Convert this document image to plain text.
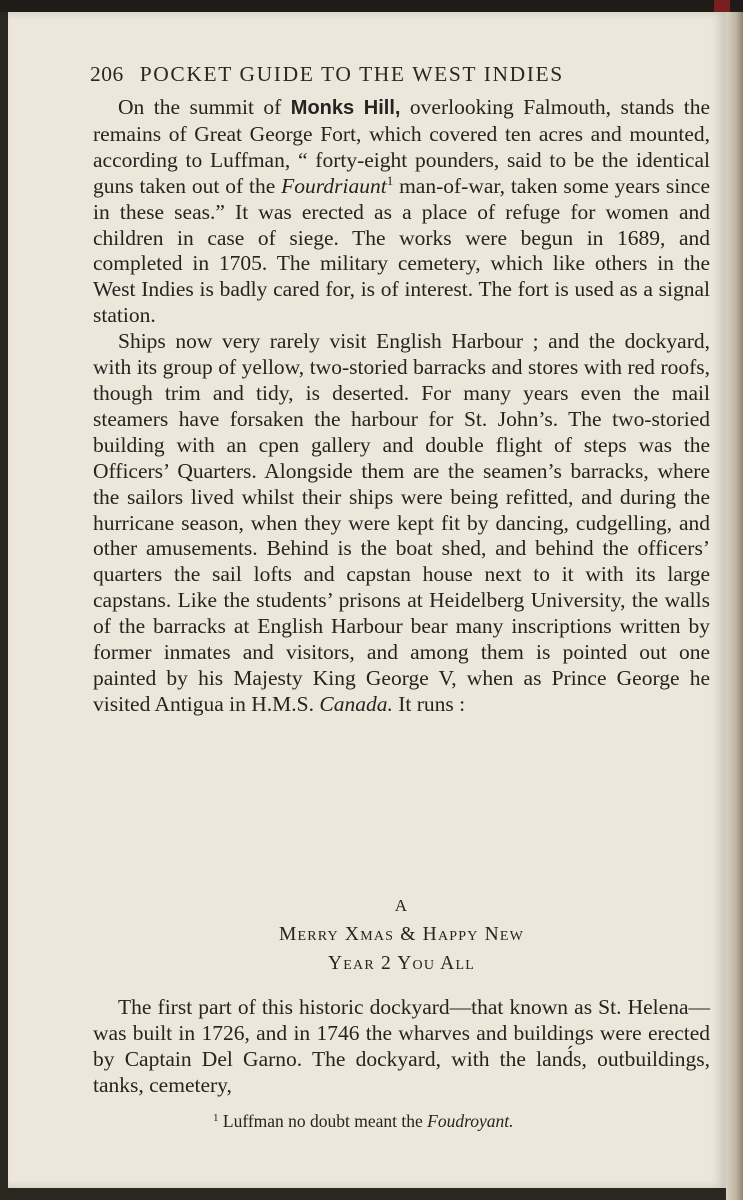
206 POCKET GUIDE TO THE WEST INDIES

On the summit of Monks Hill, overlooking Falmouth, stands the remains of Great George Fort, which covered ten acres and mounted, according to Luffman, “ forty-eight pounders, said to be the identical guns taken out of the Fourdriaunt$^1$ man-of-war, taken some years since in these seas.” It was erected as a place of refuge for women and children in case of siege. The works were begun in 1689, and completed in 1705. The military cemetery, which like others in the West Indies is badly cared for, is of interest. The fort is used as a signal station.

Ships now very rarely visit English Harbour ; and the dockyard, with its group of yellow, two-storied barracks and stores with red roofs, though trim and tidy, is deserted. For many years even the mail steamers have forsaken the harbour for St. John’s. The two-storied building with an cpen gallery and double flight of steps was the Officers’ Quarters. Alongside them are the seamen’s barracks, where the sailors lived whilst their ships were being refitted, and during the hurricane season, when they were kept fit by dancing, cudgelling, and other amusements. Behind is the boat shed, and behind the officers’ quarters the sail lofts and capstan house next to it with its large capstans. Like the students’ prisons at Heidelberg University, the walls of the barracks at English Harbour bear many inscriptions written by former inmates and visitors, and among them is pointed out one painted by his Majesty King George V, when as Prince George he visited Antigua in H.M.S. Canada. It runs :

A
Merry Xmas & Happy New
Year 2 You All

The first part of this historic dockyard—that known as St. Helena—was built in 1726, and in 1746 the wharves and buildings were erected by Captain Del Garno. The dockyard, with the land́s, outbuildings, tanks, cemetery,

$^1$ Luffman no doubt meant the Foudroyant.
